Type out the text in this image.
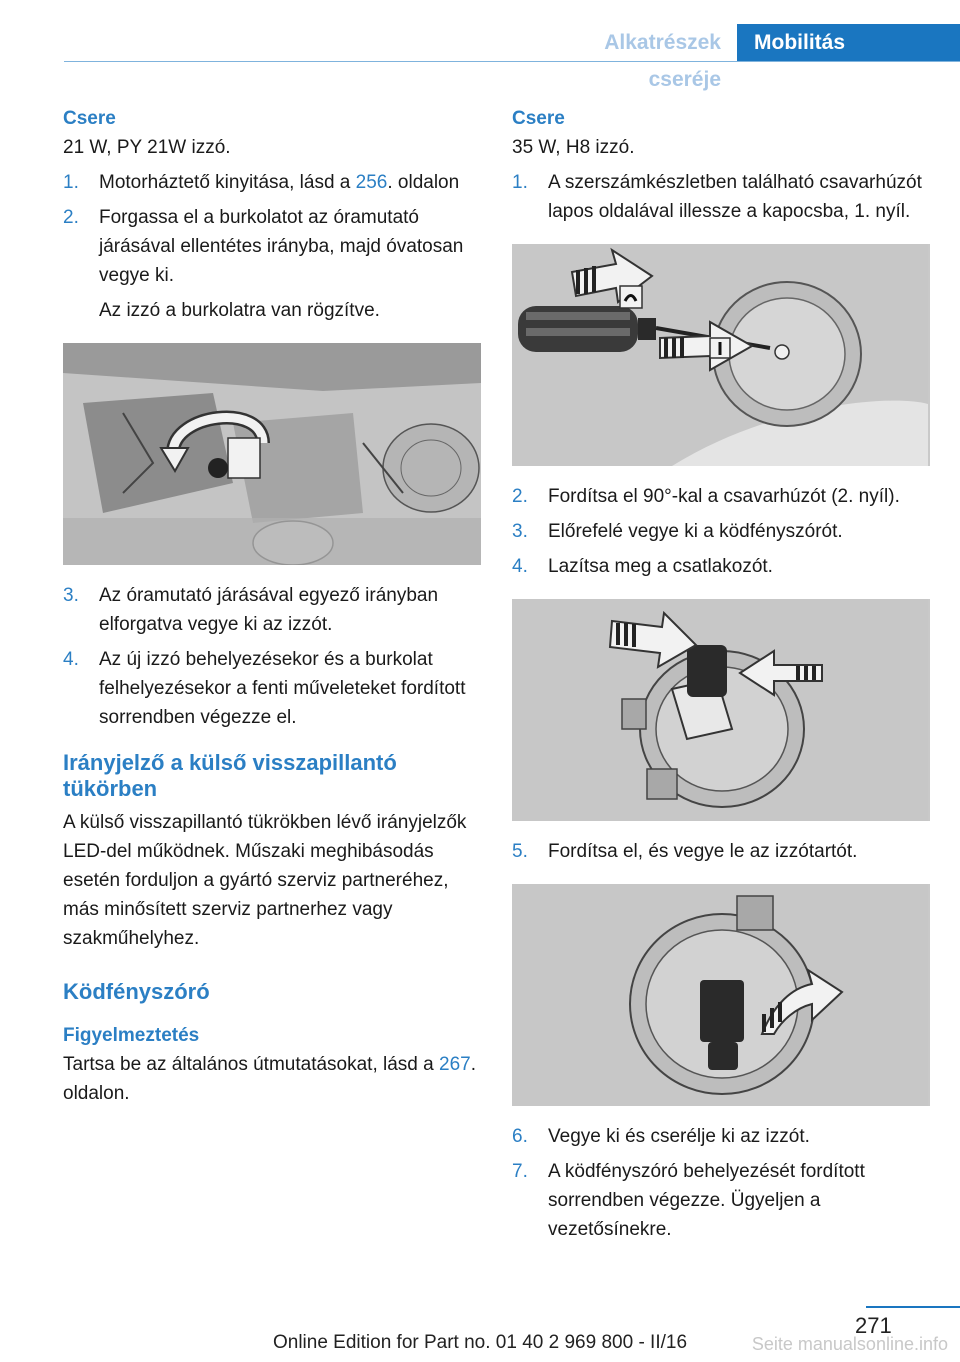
Alkatrészek cseréje
Mobilitás
Csere

21 W, PY 21W izzó.

1.	Motorháztető kinyitása, lásd a 256. oldalon
2.	Forgassa el a burkolatot az óramutató járásával ellentétes irányba, majd óvatosan vegye ki.

Az izzó a burkolatra van rögzítve.

3.	Az óramutató járásával egyező irányban elforgatva vegye ki az izzót.
4.	Az új izzó behelyezésekor és a burkolat felhelyezésekor a fenti műveleteket fordított sorrendben végezze el.
Irányjelző a külső visszapillantó tükörben

A külső visszapillantó tükrökben lévő irányjelzők LED-del működnek. Műszaki meghibásodás esetén forduljon a gyártó szerviz partneréhez, más minősített szerviz partnerhez vagy szakműhelyhez.

Ködfényszóró
Figyelmeztetés

Tartsa be az általános útmutatásokat, lásd a 267. oldalon.

Csere

35 W, H8 izzó.

1.	A szerszámkészletben található csavarhúzót lapos oldalával illessze a kapocsba, 1. nyíl.
2.	Fordítsa el 90°-kal a csavarhúzót (2. nyíl).
3.	Előrefelé vegye ki a ködfényszórót.
4.	Lazítsa meg a csatlakozót.
5.	Fordítsa el, és vegye le az izzótartót.
6.	Vegye ki és cserélje ki az izzót.
7.	A ködfényszóró behelyezését fordított sorrendben végezze. Ügyeljen a vezetősínekre.
271
Seite manualsonline.info
Online Edition for Part no. 01 40 2 969 800 - II/16
